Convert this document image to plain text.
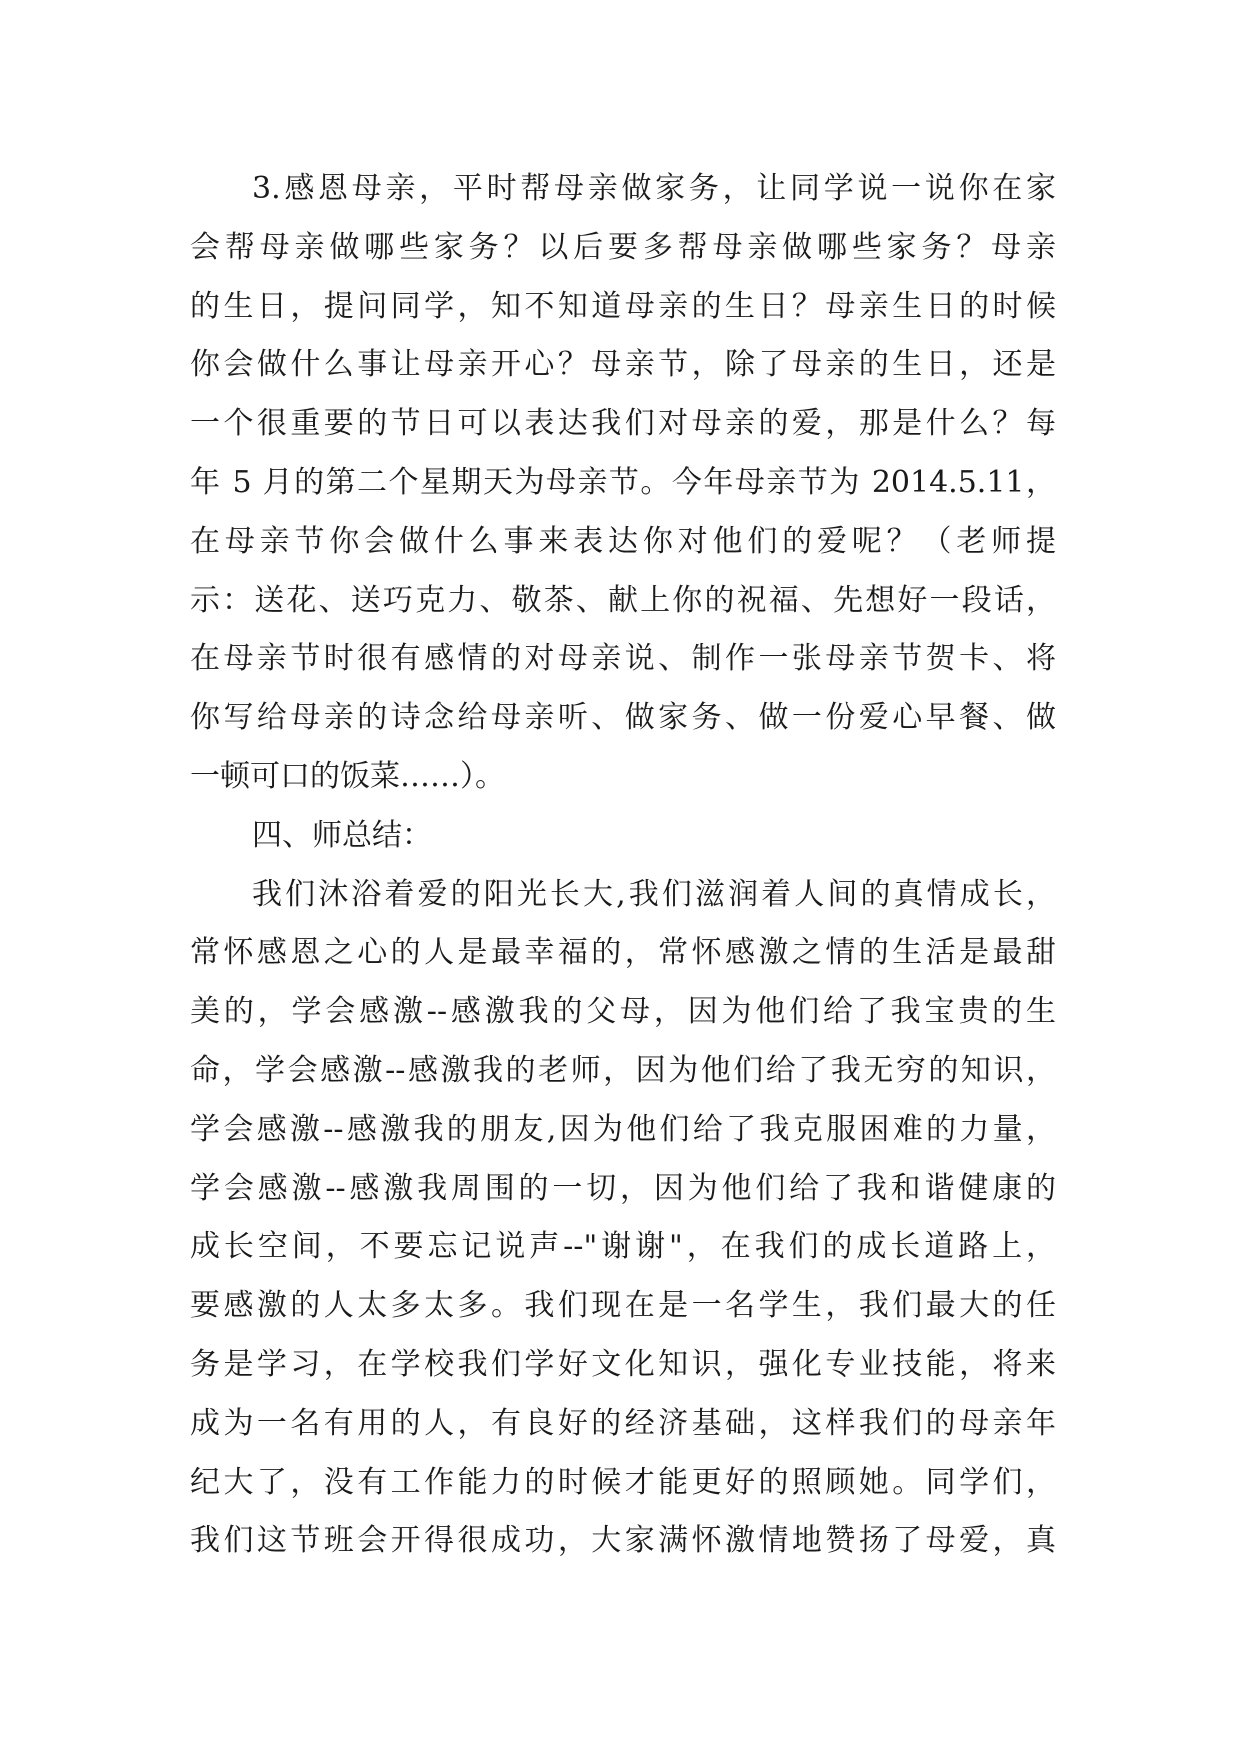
3.感恩母亲，平时帮母亲做家务，让同学说一说你在家
会帮母亲做哪些家务？以后要多帮母亲做哪些家务？母亲
的生日，提问同学，知不知道母亲的生日？母亲生日的时候
你会做什么事让母亲开心？母亲节，除了母亲的生日，还是
一个很重要的节日可以表达我们对母亲的爱，那是什么？每
年 5 月的第二个星期天为母亲节。今年母亲节为 2014.5.11，
在母亲节你会做什么事来表达你对他们的爱呢？（老师提
示：送花、送巧克力、敬茶、献上你的祝福、先想好一段话，
在母亲节时很有感情的对母亲说、制作一张母亲节贺卡、将
你写给母亲的诗念给母亲听、做家务、做一份爱心早餐、做
一顿可口的饭菜……）。
四、师总结：
我们沐浴着爱的阳光长大,我们滋润着人间的真情成长，
常怀感恩之心的人是最幸福的，常怀感激之情的生活是最甜
美的，学会感激--感激我的父母，因为他们给了我宝贵的生
命，学会感激--感激我的老师，因为他们给了我无穷的知识，
学会感激--感激我的朋友,因为他们给了我克服困难的力量，
学会感激--感激我周围的一切，因为他们给了我和谐健康的
成长空间，不要忘记说声--"谢谢"，在我们的成长道路上，
要感激的人太多太多。我们现在是一名学生，我们最大的任
务是学习，在学校我们学好文化知识，强化专业技能，将来
成为一名有用的人，有良好的经济基础，这样我们的母亲年
纪大了，没有工作能力的时候才能更好的照顾她。同学们，
我们这节班会开得很成功，大家满怀激情地赞扬了母爱，真
